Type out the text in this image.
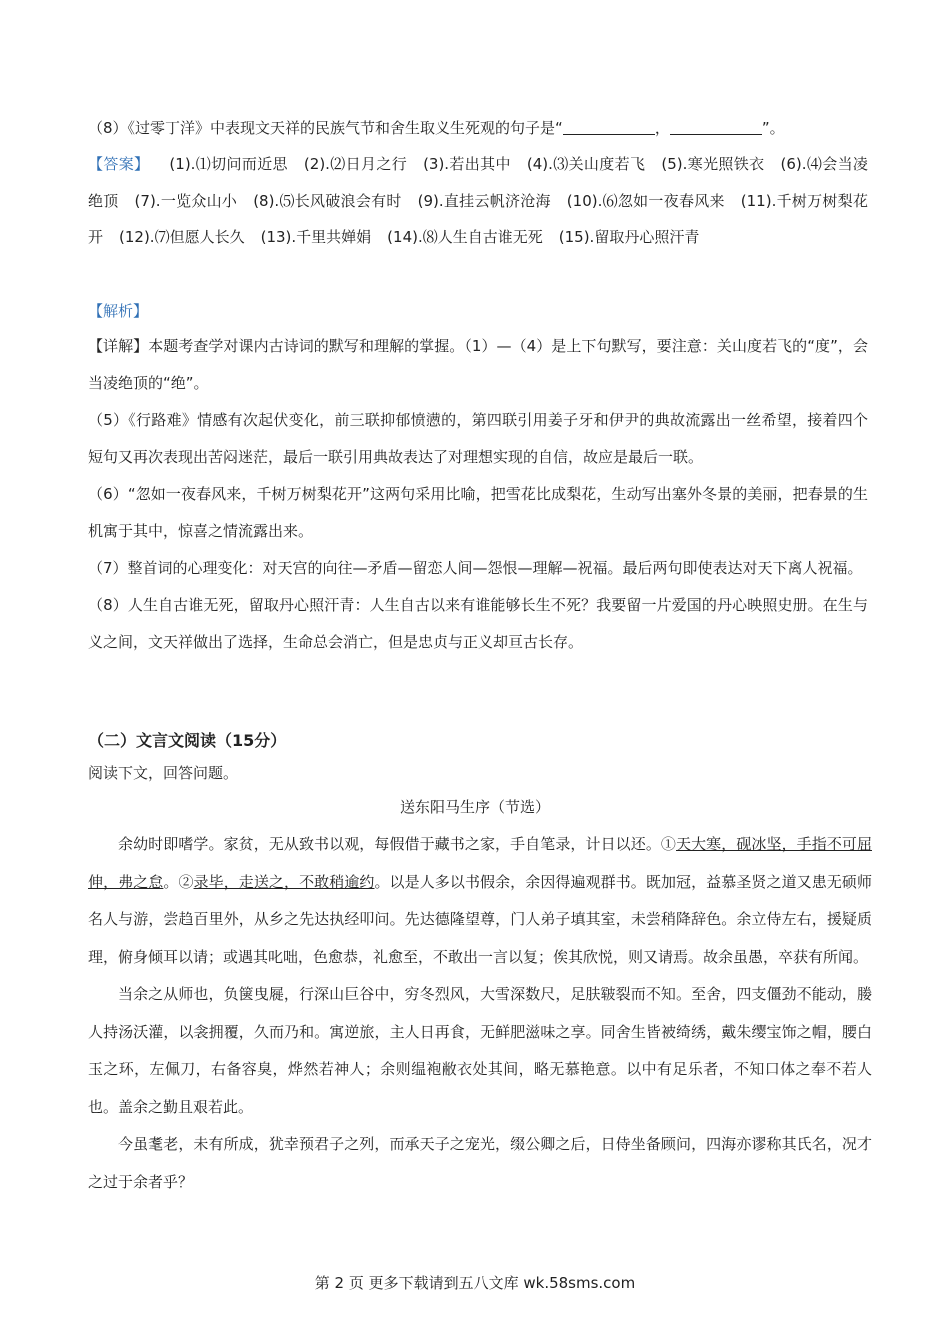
（8）《过零丁洋》中表现文天祥的民族气节和舍生取义生死观的句子是“	，	”。
【答案】 (1).⑴切问而近思 (2).⑵日月之行 (3).若出其中 (4).⑶关山度若飞 (5).寒光照铁衣 (6).⑷会当凌绝顶 (7).一览众山小 (8).⑸长风破浪会有时 (9).直挂云帆济沧海 (10).⑹忽如一夜春风来 (11).千树万树梨花开 (12).⑺但愿人长久 (13).千里共婵娟 (14).⑻人生自古谁无死 (15).留取丹心照汗青
【解析】
【详解】本题考查学对课内古诗词的默写和理解的掌握。（1）—（4）是上下句默写，要注意：关山度若飞的“度”，会当凌绝顶的“绝”。
（5）《行路难》情感有次起伏变化，前三联抑郁愤懑的，第四联引用姜子牙和伊尹的典故流露出一丝希望，接着四个短句又再次表现出苦闷迷茫，最后一联引用典故表达了对理想实现的自信，故应是最后一联。
（6）“忽如一夜春风来，千树万树梨花开”这两句采用比喻，把雪花比成梨花，生动写出塞外冬景的美丽，把春景的生机寓于其中，惊喜之情流露出来。
（7）整首词的心理变化：对天宫的向往—矛盾—留恋人间—怨恨—理解—祝福。最后两句即使表达对天下离人祝福。
（8）人生自古谁无死，留取丹心照汗青：人生自古以来有谁能够长生不死？我要留一片爱国的丹心映照史册。在生与义之间，文天祥做出了选择，生命总会消亡，但是忠贞与正义却亘古长存。
（二）文言文阅读（15分）
阅读下文，回答问题。
送东阳马生序（节选）
余幼时即嗜学。家贫，无从致书以观，每假借于藏书之家，手自笔录，计日以还。①天大寒，砚冰坚，手指不可屈伸，弗之怠。②录毕，走送之，不敢稍逾约。以是人多以书假余，余因得遍观群书。既加冠，益慕圣贤之道又患无硕师名人与游，尝趋百里外，从乡之先达执经叩问。先达德隆望尊，门人弟子填其室，未尝稍降辞色。余立侍左右，援疑质理，俯身倾耳以请；或遇其叱咄，色愈恭，礼愈至，不敢出一言以复；俟其欣悦，则又请焉。故余虽愚，卒获有所闻。
当余之从师也，负箧曳屣，行深山巨谷中，穷冬烈风，大雪深数尺，足肤皲裂而不知。至舍，四支僵劲不能动，媵人持汤沃灌，以衾拥覆，久而乃和。寓逆旅，主人日再食，无鲜肥滋味之享。同舍生皆被绮绣，戴朱缨宝饰之帽，腰白玉之环，左佩刀，右备容臭，烨然若神人；余则缊袍敝衣处其间，略无慕艳意。以中有足乐者，不知口体之奉不若人也。盖余之勤且艰若此。
今虽耄老，未有所成，犹幸预君子之列，而承天子之宠光，缀公卿之后，日侍坐备顾问，四海亦谬称其氏名，况才之过于余者乎？
第 2 页 更多下载请到五八文库 wk.58sms.com
